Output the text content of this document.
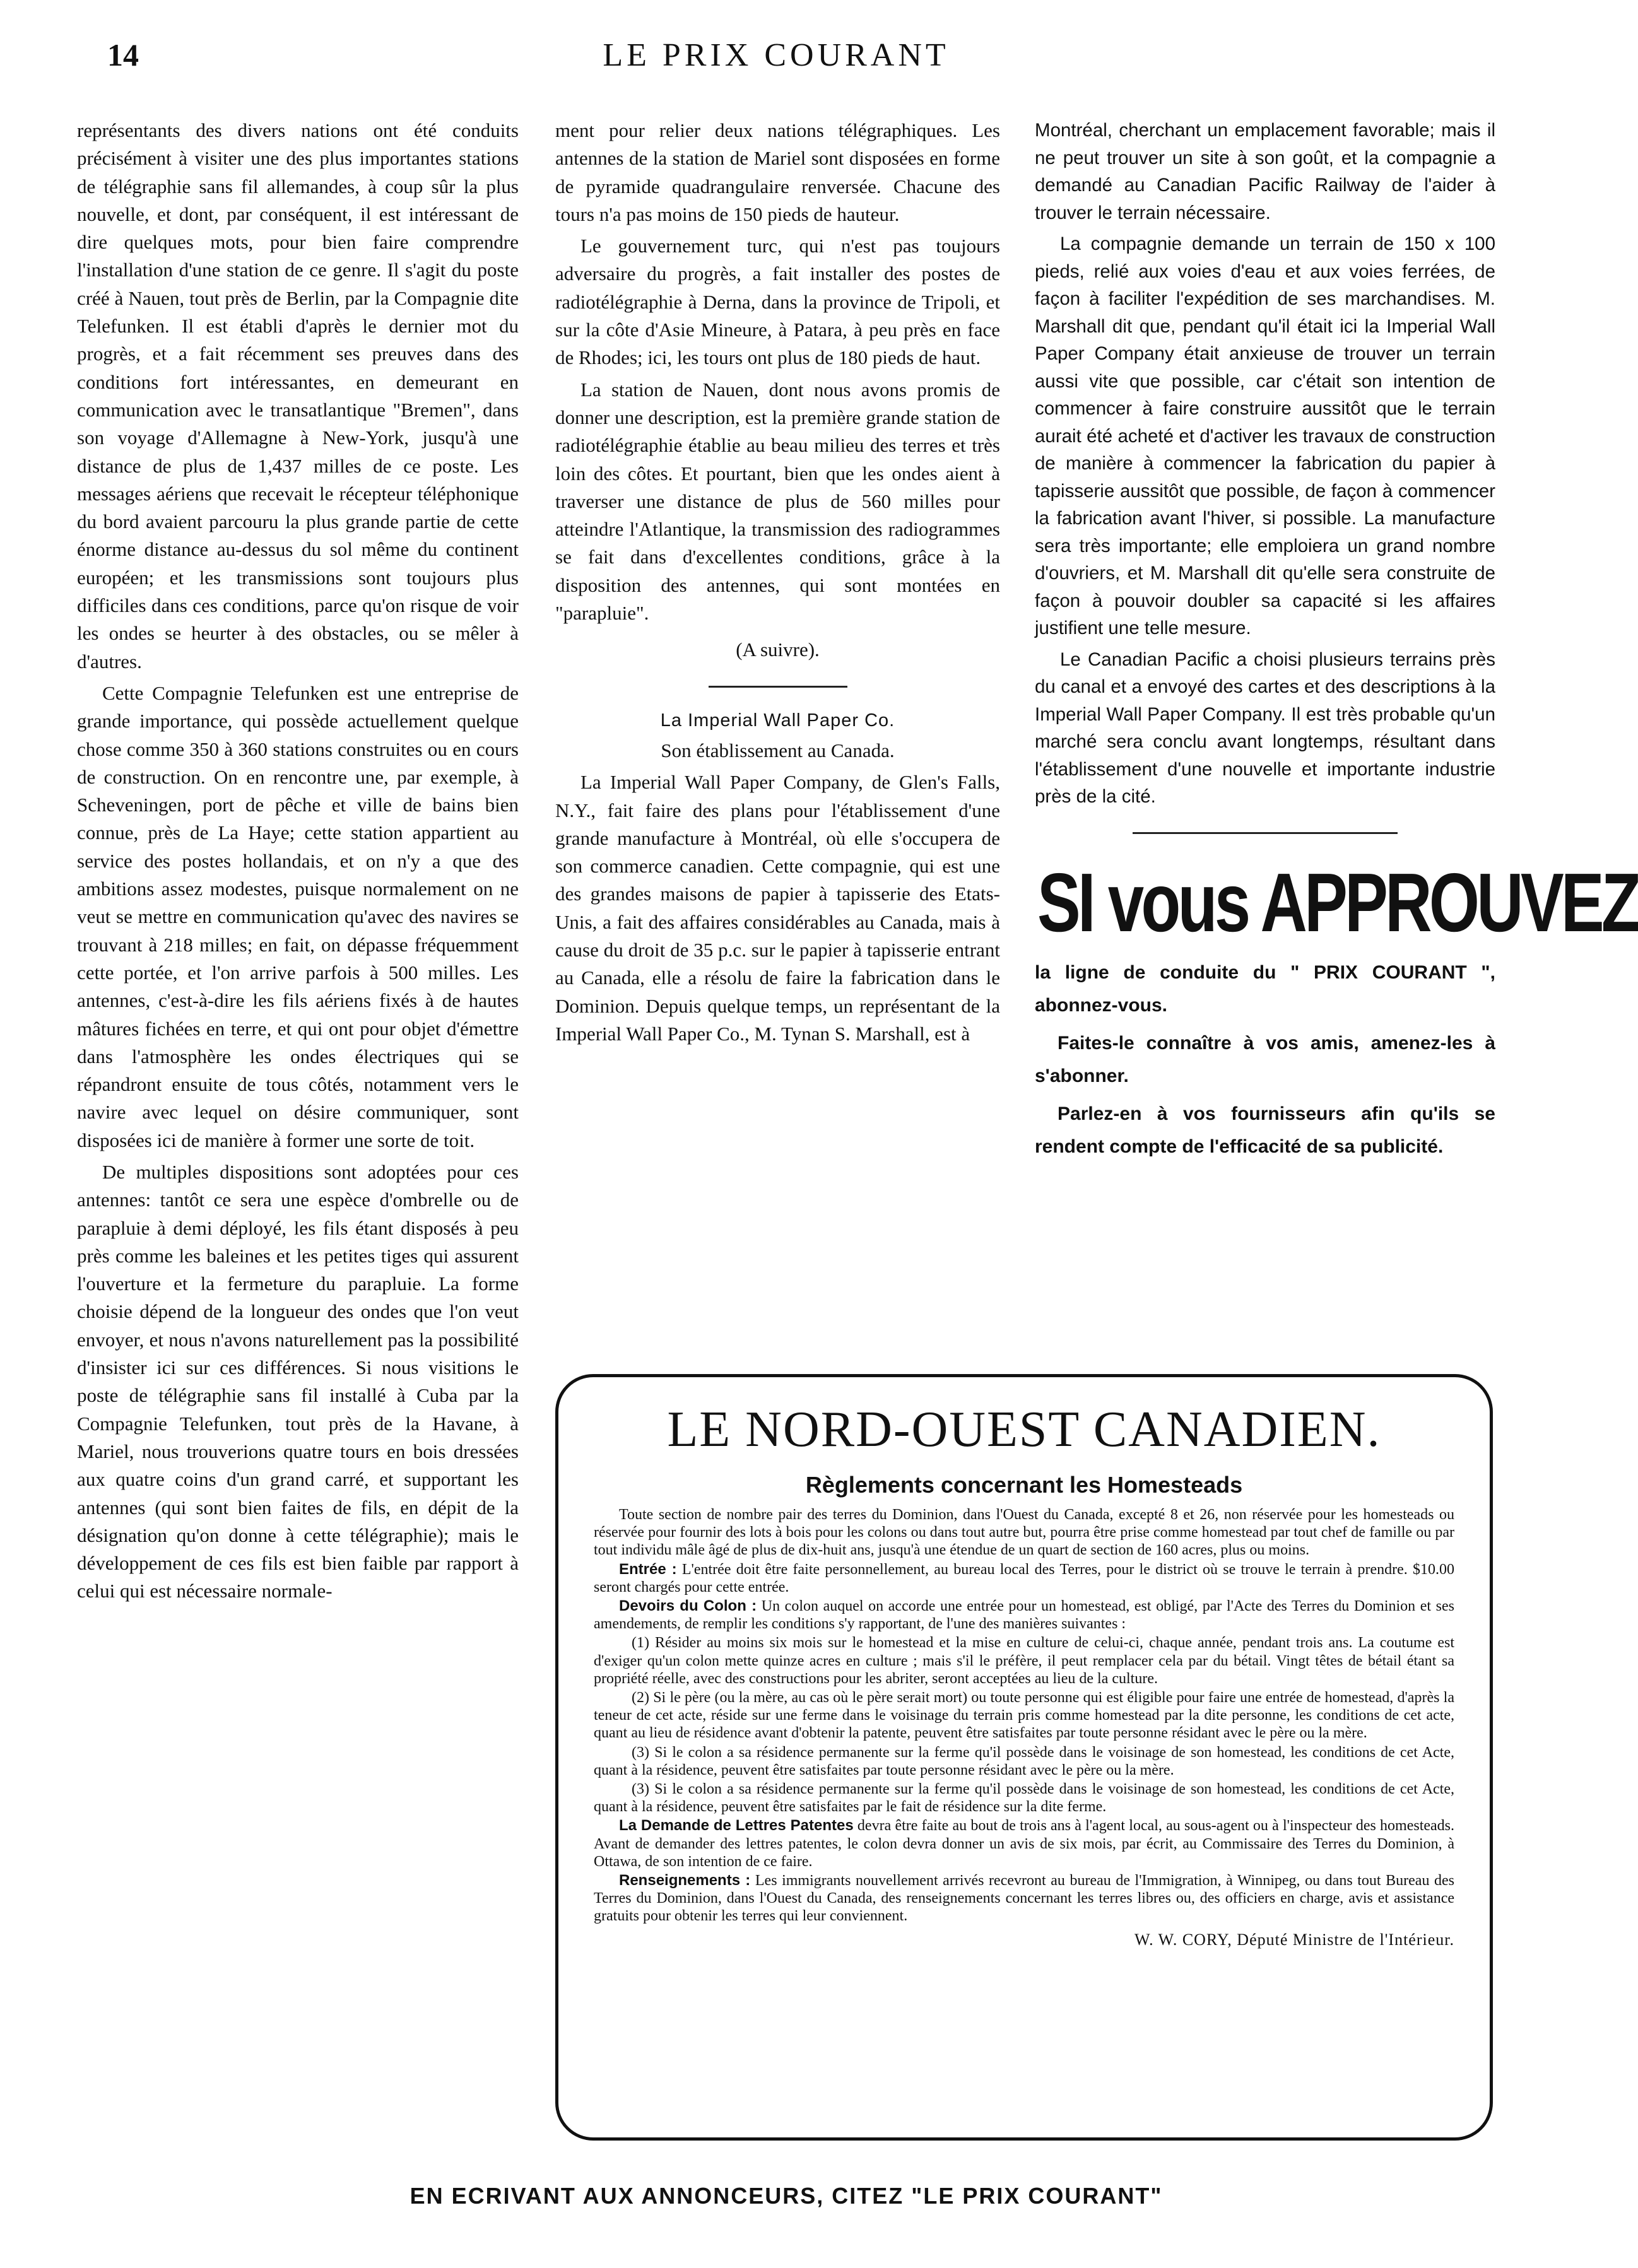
14	LE PRIX COURANT

représentants des divers nations ont été conduits précisément à visiter une des plus importantes stations de télégraphie sans fil allemandes, à coup sûr la plus nouvelle, et dont, par conséquent, il est intéressant de dire quelques mots, pour bien faire comprendre l'installation d'une station de ce genre. Il s'agit du poste créé à Nauen, tout près de Berlin, par la Compagnie dite Telefunken. Il est établi d'après le dernier mot du progrès, et a fait récemment ses preuves dans des conditions fort intéressantes, en demeurant en communication avec le transatlantique "Bremen", dans son voyage d'Allemagne à New-York, jusqu'à une distance de plus de 1,437 milles de ce poste. Les messages aériens que recevait le récepteur téléphonique du bord avaient parcouru la plus grande partie de cette énorme distance au-dessus du sol même du continent européen; et les transmissions sont toujours plus difficiles dans ces conditions, parce qu'on risque de voir les ondes se heurter à des obstacles, ou se mêler à d'autres.

Cette Compagnie Telefunken est une entreprise de grande importance, qui possède actuellement quelque chose comme 350 à 360 stations construites ou en cours de construction. On en rencontre une, par exemple, à Scheveningen, port de pêche et ville de bains bien connue, près de La Haye; cette station appartient au service des postes hollandais, et on n'y a que des ambitions assez modestes, puisque normalement on ne veut se mettre en communication qu'avec des navires se trouvant à 218 milles; en fait, on dépasse fréquemment cette portée, et l'on arrive parfois à 500 milles. Les antennes, c'est-à-dire les fils aériens fixés à de hautes mâtures fichées en terre, et qui ont pour objet d'émettre dans l'atmosphère les ondes électriques qui se répandront ensuite de tous côtés, notamment vers le navire avec lequel on désire communiquer, sont disposées ici de manière à former une sorte de toit.

De multiples dispositions sont adoptées pour ces antennes: tantôt ce sera une espèce d'ombrelle ou de parapluie à demi déployé, les fils étant disposés à peu près comme les baleines et les petites tiges qui assurent l'ouverture et la fermeture du parapluie. La forme choisie dépend de la longueur des ondes que l'on veut envoyer, et nous n'avons naturellement pas la possibilité d'insister ici sur ces différences. Si nous visitions le poste de télégraphie sans fil installé à Cuba par la Compagnie Telefunken, tout près de la Havane, à Mariel, nous trouverions quatre tours en bois dressées aux quatre coins d'un grand carré, et supportant les antennes (qui sont bien faites de fils, en dépit de la désignation qu'on donne à cette télégraphie); mais le développement de ces fils est bien faible par rapport à celui qui est nécessaire normale-

ment pour relier deux nations télégraphiques. Les antennes de la station de Mariel sont disposées en forme de pyramide quadrangulaire renversée. Chacune des tours n'a pas moins de 150 pieds de hauteur.

Le gouvernement turc, qui n'est pas toujours adversaire du progrès, a fait installer des postes de radiotélégraphie à Derna, dans la province de Tripoli, et sur la côte d'Asie Mineure, à Patara, à peu près en face de Rhodes; ici, les tours ont plus de 180 pieds de haut.

La station de Nauen, dont nous avons promis de donner une description, est la première grande station de radiotélégraphie établie au beau milieu des terres et très loin des côtes. Et pourtant, bien que les ondes aient à traverser une distance de plus de 560 milles pour atteindre l'Atlantique, la transmission des radiogrammes se fait dans d'excellentes conditions, grâce à la disposition des antennes, qui sont montées en "parapluie".

(A suivre).

La Imperial Wall Paper Co.
Son établissement au Canada.

La Imperial Wall Paper Company, de Glen's Falls, N.Y., fait faire des plans pour l'établissement d'une grande manufacture à Montréal, où elle s'occupera de son commerce canadien. Cette compagnie, qui est une des grandes maisons de papier à tapisserie des Etats-Unis, a fait des affaires considérables au Canada, mais à cause du droit de 35 p.c. sur le papier à tapisserie entrant au Canada, elle a résolu de faire la fabrication dans le Dominion. Depuis quelque temps, un représentant de la Imperial Wall Paper Co., M. Tynan S. Marshall, est à

Montréal, cherchant un emplacement favorable; mais il ne peut trouver un site à son goût, et la compagnie a demandé au Canadian Pacific Railway de l'aider à trouver le terrain nécessaire.

La compagnie demande un terrain de 150 x 100 pieds, relié aux voies d'eau et aux voies ferrées, de façon à faciliter l'expédition de ses marchandises. M. Marshall dit que, pendant qu'il était ici la Imperial Wall Paper Company était anxieuse de trouver un terrain aussi vite que possible, car c'était son intention de commencer à faire construire aussitôt que le terrain aurait été acheté et d'activer les travaux de construction de manière à commencer la fabrication du papier à tapisserie aussitôt que possible, de façon à commencer la fabrication avant l'hiver, si possible. La manufacture sera très importante; elle emploiera un grand nombre d'ouvriers, et M. Marshall dit qu'elle sera construite de façon à pouvoir doubler sa capacité si les affaires justifient une telle mesure.

Le Canadian Pacific a choisi plusieurs terrains près du canal et a envoyé des cartes et des descriptions à la Imperial Wall Paper Company. Il est très probable qu'un marché sera conclu avant longtemps, résultant dans l'établissement d'une nouvelle et importante industrie près de la cité.

SI vous APPROUVEZ
la ligne de conduite du " PRIX COURANT ", abonnez-vous.
Faites-le connaître à vos amis, amenez-les à s'abonner.
Parlez-en à vos fournisseurs afin qu'ils se rendent compte de l'efficacité de sa publicité.
LE NORD-OUEST CANADIEN.
Règlements concernant les Homesteads

Toute section de nombre pair des terres du Dominion, dans l'Ouest du Canada, excepté 8 et 26, non réservée pour les homesteads ou réservée pour fournir des lots à bois pour les colons ou dans tout autre but, pourra être prise comme homestead par tout chef de famille ou par tout individu mâle âgé de plus de dix-huit ans, jusqu'à une étendue de un quart de section de 160 acres, plus ou moins.

Entrée : L'entrée doit être faite personnellement, au bureau local des Terres, pour le district où se trouve le terrain à prendre. $10.00 seront chargés pour cette entrée.

Devoirs du Colon : Un colon auquel on accorde une entrée pour un homestead, est obligé, par l'Acte des Terres du Dominion et ses amendements, de remplir les conditions s'y rapportant, de l'une des manières suivantes :

(1) Résider au moins six mois sur le homestead et la mise en culture de celui-ci, chaque année, pendant trois ans. La coutume est d'exiger qu'un colon mette quinze acres en culture ; mais s'il le préfère, il peut remplacer cela par du bétail. Vingt têtes de bétail étant sa propriété réelle, avec des constructions pour les abriter, seront acceptées au lieu de la culture.

(2) Si le père (ou la mère, au cas où le père serait mort) ou toute personne qui est éligible pour faire une entrée de homestead, d'après la teneur de cet acte, réside sur une ferme dans le voisinage du terrain pris comme homestead par la dite personne, les conditions de cet acte, quant au lieu de résidence avant d'obtenir la patente, peuvent être satisfaites par toute personne résidant avec le père ou la mère.

(3) Si le colon a sa résidence permanente sur la ferme qu'il possède dans le voisinage de son homestead, les conditions de cet Acte, quant à la résidence, peuvent être satisfaites par toute personne résidant avec le père ou la mère.

(3) Si le colon a sa résidence permanente sur la ferme qu'il possède dans le voisinage de son homestead, les conditions de cet Acte, quant à la résidence, peuvent être satisfaites par le fait de résidence sur la dite ferme.

La Demande de Lettres Patentes devra être faite au bout de trois ans à l'agent local, au sous-agent ou à l'inspecteur des homesteads. Avant de demander des lettres patentes, le colon devra donner un avis de six mois, par écrit, au Commissaire des Terres du Dominion, à Ottawa, de son intention de ce faire.

Renseignements : Les immigrants nouvellement arrivés recevront au bureau de l'Immigration, à Winnipeg, ou dans tout Bureau des Terres du Dominion, dans l'Ouest du Canada, des renseignements concernant les terres libres ou, des officiers en charge, avis et assistance gratuits pour obtenir les terres qui leur conviennent.

W. W. CORY, Député Ministre de l'Intérieur.
EN ECRIVANT AUX ANNONCEURS, CITEZ "LE PRIX COURANT"
